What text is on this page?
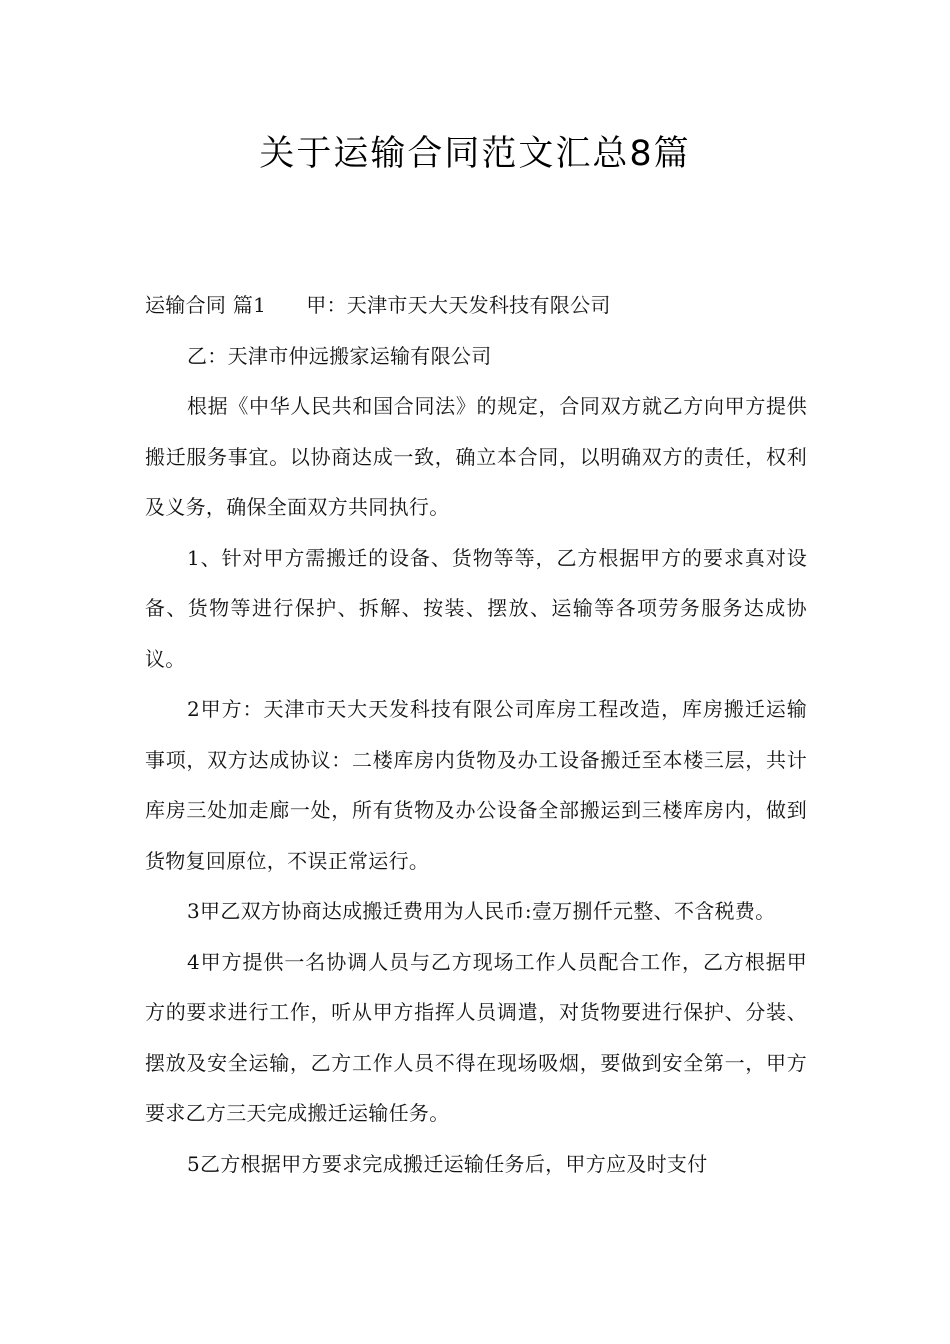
关于运输合同范文汇总8篇

运输合同 篇1 甲：天津市天大天发科技有限公司

乙：天津市仲远搬家运输有限公司

根据《中华人民共和国合同法》的规定，合同双方就乙方向甲方提供搬迁服务事宜。以协商达成一致，确立本合同，以明确双方的责任，权利及义务，确保全面双方共同执行。

1、针对甲方需搬迁的设备、货物等等，乙方根据甲方的要求真对设备、货物等进行保护、拆解、按装、摆放、运输等各项劳务服务达成协议。

2甲方：天津市天大天发科技有限公司库房工程改造，库房搬迁运输事项，双方达成协议：二楼库房内货物及办工设备搬迁至本楼三层，共计库房三处加走廊一处，所有货物及办公设备全部搬运到三楼库房内，做到货物复回原位，不误正常运行。

3甲乙双方协商达成搬迁费用为人民币:壹万捌仟元整、不含税费。

4甲方提供一名协调人员与乙方现场工作人员配合工作，乙方根据甲方的要求进行工作，听从甲方指挥人员调遣，对货物要进行保护、分装、摆放及安全运输，乙方工作人员不得在现场吸烟，要做到安全第一，甲方要求乙方三天完成搬迁运输任务。

5乙方根据甲方要求完成搬迁运输任务后，甲方应及时支付
